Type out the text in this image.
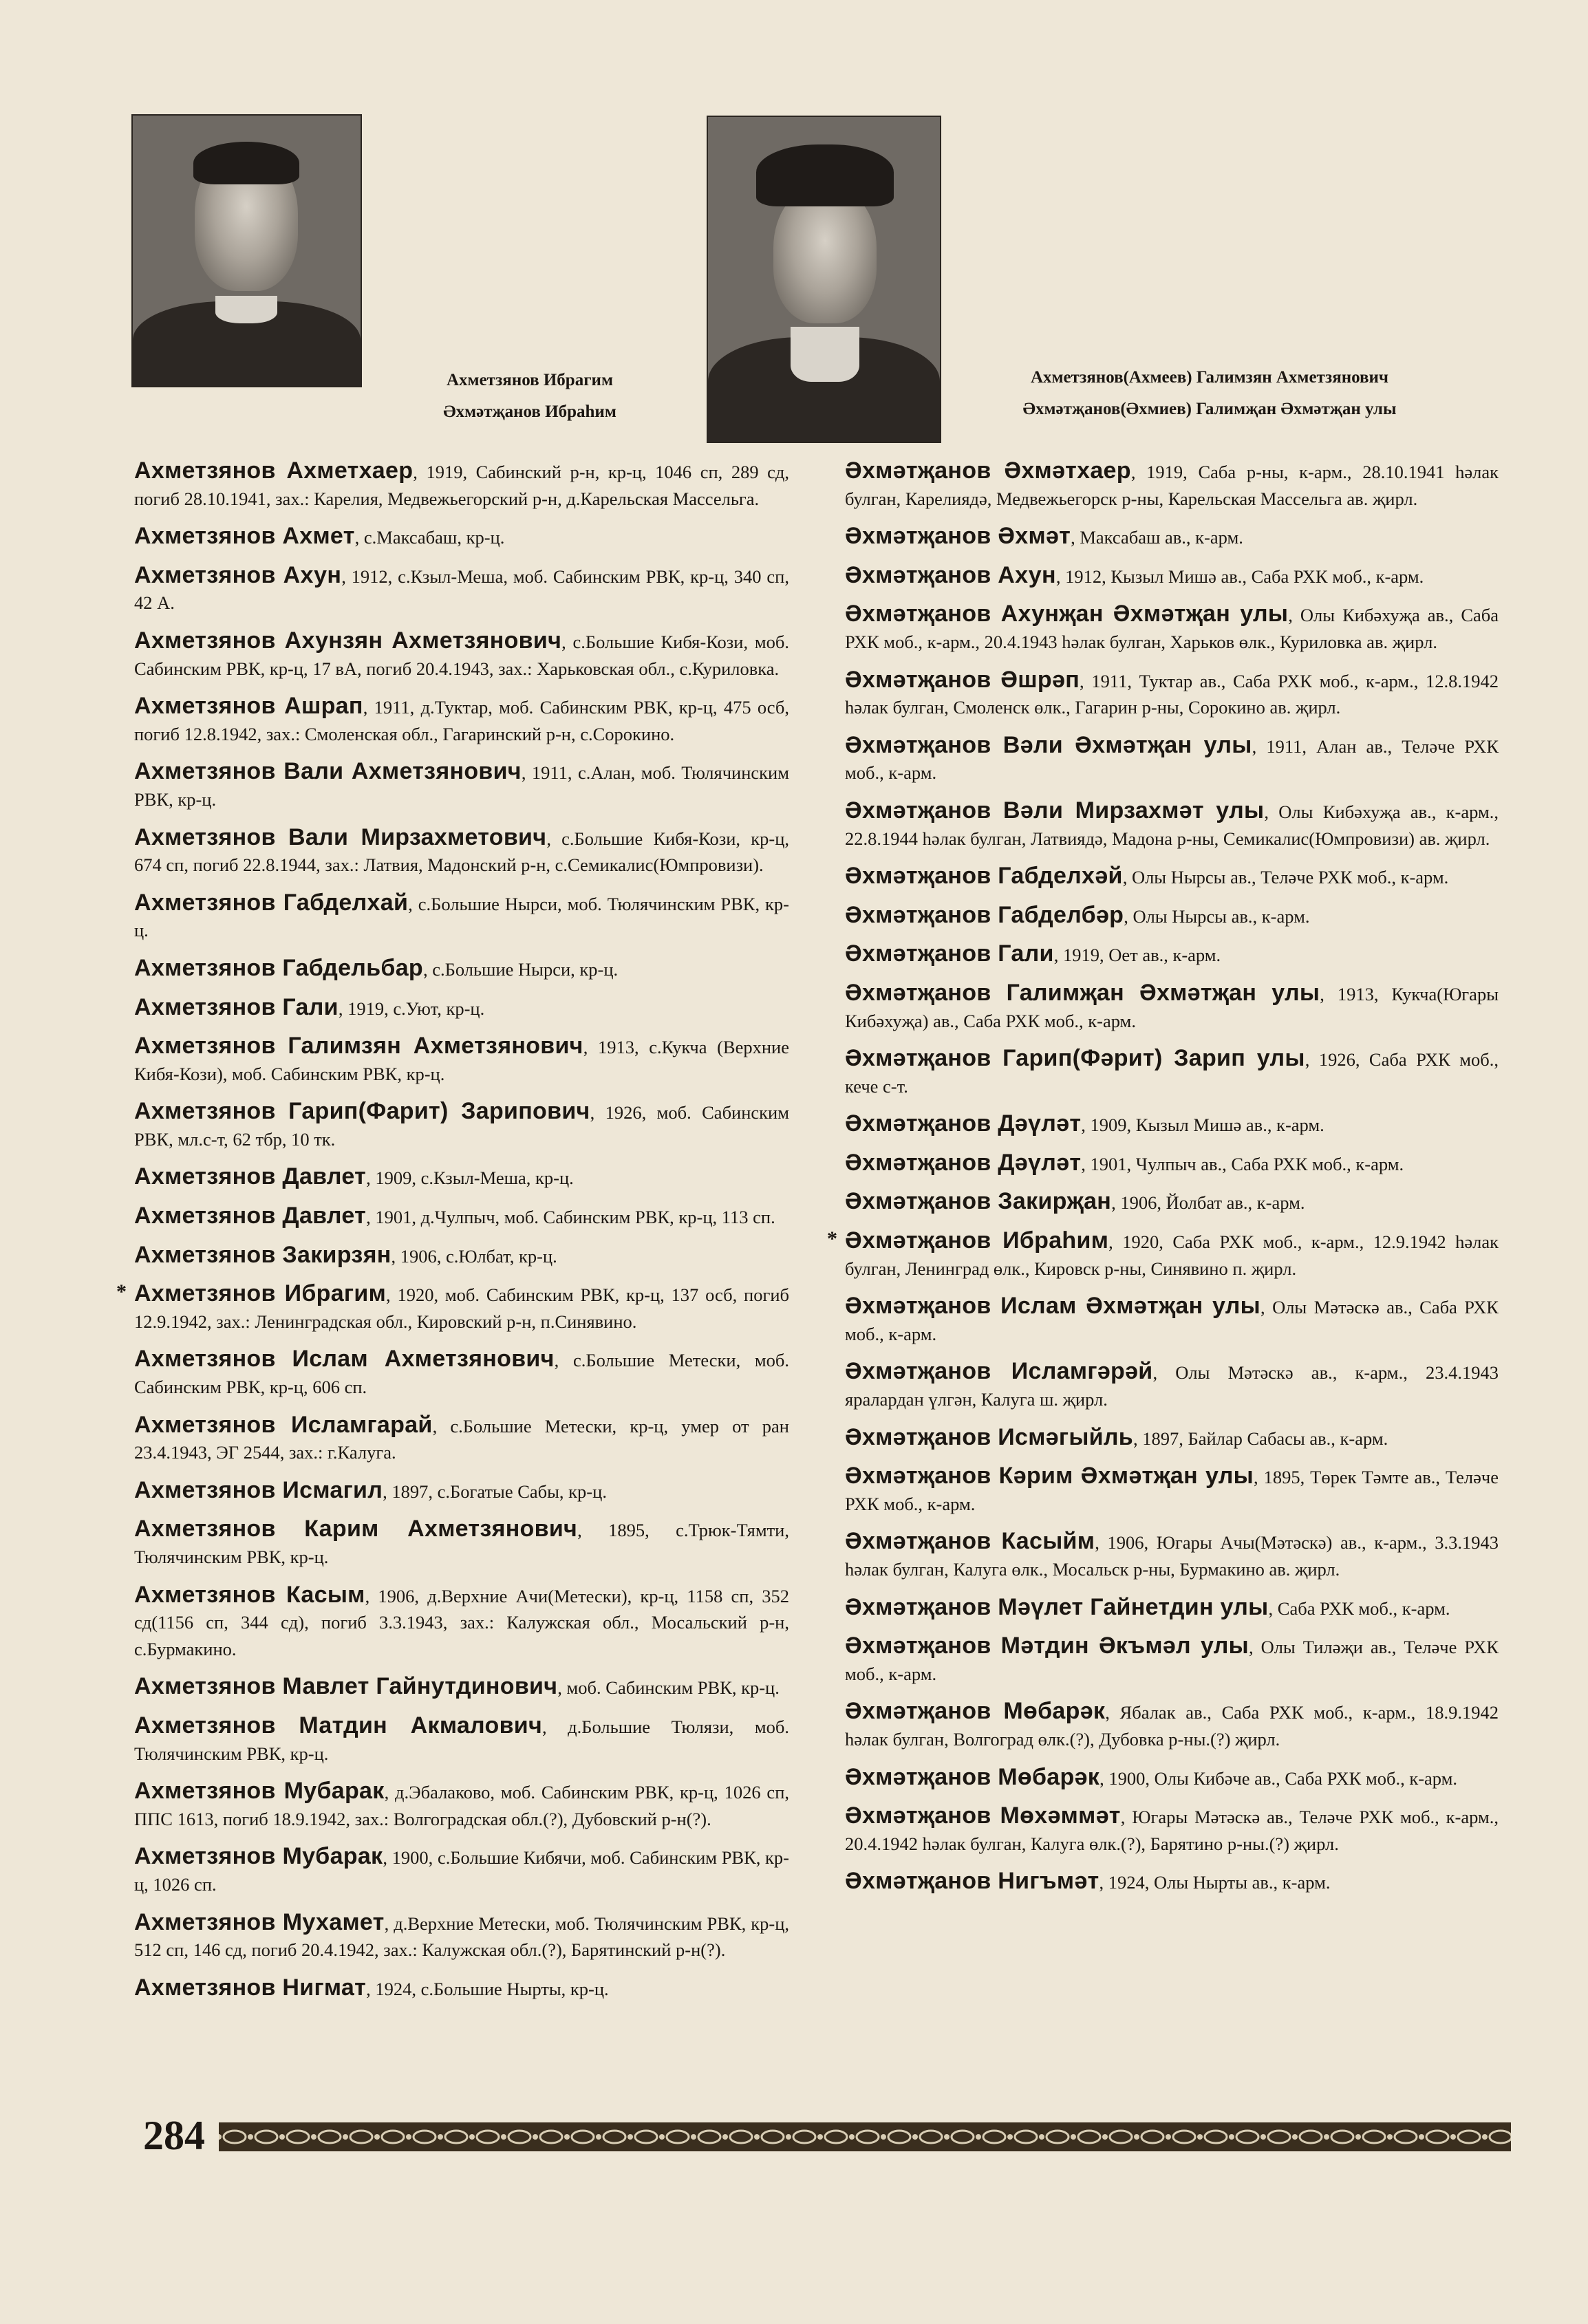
Ахметзянов Ибрагим
Әхмәтҗанов Ибраһим
Ахметзянов(Ахмеев) Галимзян Ахметзянович
Әхмәтҗанов(Әхмиев) Галимҗан Әхмәтҗан улы

Ахметзянов Ахметхаер, 1919, Сабинский р-н, кр-ц, 1046 сп, 289 сд, погиб 28.10.1941, зах.: Карелия, Медвежьегорский р-н, д.Карельская Массельга.

Ахметзянов Ахмет, с.Максабаш, кр-ц.

Ахметзянов Ахун, 1912, с.Кзыл-Меша, моб. Сабинским РВК, кр-ц, 340 сп, 42 А.

Ахметзянов Ахунзян Ахметзянович, с.Большие Кибя-Кози, моб. Сабинским РВК, кр-ц, 17 вА, погиб 20.4.1943, зах.: Харьковская обл., с.Куриловка.

Ахметзянов Ашрап, 1911, д.Туктар, моб. Сабинским РВК, кр-ц, 475 осб, погиб 12.8.1942, зах.: Смоленская обл., Гагаринский р-н, с.Сорокино.

Ахметзянов Вали Ахметзянович, 1911, с.Алан, моб. Тюлячинским РВК, кр-ц.

Ахметзянов Вали Мирзахметович, с.Большие Кибя-Кози, кр-ц, 674 сп, погиб 22.8.1944, зах.: Латвия, Мадонский р-н, с.Семикалис(Юмпровизи).

Ахметзянов Габделхай, с.Большие Нырси, моб. Тюлячинским РВК, кр-ц.

Ахметзянов Габдельбар, с.Большие Нырси, кр-ц.

Ахметзянов Гали, 1919, с.Уют, кр-ц.

Ахметзянов Галимзян Ахметзянович, 1913, с.Кукча (Верхние Кибя-Кози), моб. Сабинским РВК, кр-ц.

Ахметзянов Гарип(Фарит) Зарипович, 1926, моб. Сабинским РВК, мл.с-т, 62 тбр, 10 тк.

Ахметзянов Давлет, 1909, с.Кзыл-Меша, кр-ц.

Ахметзянов Давлет, 1901, д.Чулпыч, моб. Сабинским РВК, кр-ц, 113 сп.

Ахметзянов Закирзян, 1906, с.Юлбат, кр-ц.

* Ахметзянов Ибрагим, 1920, моб. Сабинским РВК, кр-ц, 137 осб, погиб 12.9.1942, зах.: Ленинградская обл., Кировский р-н, п.Синявино.

Ахметзянов Ислам Ахметзянович, с.Большие Метески, моб. Сабинским РВК, кр-ц, 606 сп.

Ахметзянов Исламгарай, с.Большие Метески, кр-ц, умер от ран 23.4.1943, ЭГ 2544, зах.: г.Калуга.

Ахметзянов Исмагил, 1897, с.Богатые Сабы, кр-ц.

Ахметзянов Карим Ахметзянович, 1895, с.Трюк-Тямти, Тюлячинским РВК, кр-ц.

Ахметзянов Касым, 1906, д.Верхние Ачи(Метески), кр-ц, 1158 сп, 352 сд(1156 сп, 344 сд), погиб 3.3.1943, зах.: Калужская обл., Мосальский р-н, с.Бурмакино.

Ахметзянов Мавлет Гайнутдинович, моб. Сабинским РВК, кр-ц.

Ахметзянов Матдин Акмалович, д.Большие Тюлязи, моб. Тюлячинским РВК, кр-ц.

Ахметзянов Мубарак, д.Эбалаково, моб. Сабинским РВК, кр-ц, 1026 сп, ППС 1613, погиб 18.9.1942, зах.: Волгоградская обл.(?), Дубовский р-н(?).

Ахметзянов Мубарак, 1900, с.Большие Кибячи, моб. Сабинским РВК, кр-ц, 1026 сп.

Ахметзянов Мухамет, д.Верхние Метески, моб. Тюлячинским РВК, кр-ц, 512 сп, 146 сд, погиб 20.4.1942, зах.: Калужская обл.(?), Барятинский р-н(?).

Ахметзянов Нигмат, 1924, с.Большие Нырты, кр-ц.

Әхмәтҗанов Әхмәтхаер, 1919, Саба р-ны, к-арм., 28.10.1941 һәлак булган, Карелиядә, Медвежьегорск р-ны, Карельская Массельга ав. җирл.

Әхмәтҗанов Әхмәт, Максабаш ав., к-арм.

Әхмәтҗанов Ахун, 1912, Кызыл Мишә ав., Саба РХК моб., к-арм.

Әхмәтҗанов Ахунҗан Әхмәтҗан улы, Олы Кибәхуҗа ав., Саба РХК моб., к-арм., 20.4.1943 һәлак булган, Харьков өлк., Куриловка ав. җирл.

Әхмәтҗанов Әшрәп, 1911, Туктар ав., Саба РХК моб., к-арм., 12.8.1942 һәлак булган, Смоленск өлк., Гагарин р-ны, Сорокино ав. җирл.

Әхмәтҗанов Вәли Әхмәтҗан улы, 1911, Алан ав., Теләче РХК моб., к-арм.

Әхмәтҗанов Вәли Мирзахмәт улы, Олы Кибәхуҗа ав., к-арм., 22.8.1944 һәлак булган, Латвиядә, Мадона р-ны, Семикалис(Юмпровизи) ав. җирл.

Әхмәтҗанов Габделхәй, Олы Нырсы ав., Теләче РХК моб., к-арм.

Әхмәтҗанов Габделбәр, Олы Нырсы ав., к-арм.

Әхмәтҗанов Гали, 1919, Оет ав., к-арм.

Әхмәтҗанов Галимҗан Әхмәтҗан улы, 1913, Кукча(Югары Кибәхуҗа) ав., Саба РХК моб., к-арм.

Әхмәтҗанов Гарип(Фәрит) Зарип улы, 1926, Саба РХК моб., кече с-т.

Әхмәтҗанов Дәүләт, 1909, Кызыл Мишә ав., к-арм.

Әхмәтҗанов Дәүләт, 1901, Чулпыч ав., Саба РХК моб., к-арм.

Әхмәтҗанов Закирҗан, 1906, Йолбат ав., к-арм.

* Әхмәтҗанов Ибраһим, 1920, Саба РХК моб., к-арм., 12.9.1942 һәлак булган, Ленинград өлк., Кировск р-ны, Синявино п. җирл.

Әхмәтҗанов Ислам Әхмәтҗан улы, Олы Мәтәскә ав., Саба РХК моб., к-арм.

Әхмәтҗанов Исламгәрәй, Олы Мәтәскә ав., к-арм., 23.4.1943 яралардан үлгән, Калуга ш. җирл.

Әхмәтҗанов Исмәгыйль, 1897, Байлар Сабасы ав., к-арм.

Әхмәтҗанов Кәрим Әхмәтҗан улы, 1895, Төрек Тәмте ав., Теләче РХК моб., к-арм.

Әхмәтҗанов Касыйм, 1906, Югары Ачы(Мәтәскә) ав., к-арм., 3.3.1943 һәлак булган, Калуга өлк., Мосальск р-ны, Бурмакино ав. җирл.

Әхмәтҗанов Мәүлет Гайнетдин улы, Саба РХК моб., к-арм.

Әхмәтҗанов Мәтдин Әкъмәл улы, Олы Тиләҗи ав., Теләче РХК моб., к-арм.

Әхмәтҗанов Мөбарәк, Ябалак ав., Саба РХК моб., к-арм., 18.9.1942 һәлак булган, Волгоград өлк.(?), Дубовка р-ны.(?) җирл.

Әхмәтҗанов Мөбарәк, 1900, Олы Кибәче ав., Саба РХК моб., к-арм.

Әхмәтҗанов Мөхәммәт, Югары Мәтәскә ав., Теләче РХК моб., к-арм., 20.4.1942 һәлак булган, Калуга өлк.(?), Барятино р-ны.(?) җирл.

Әхмәтҗанов Нигъмәт, 1924, Олы Нырты ав., к-арм.

284
